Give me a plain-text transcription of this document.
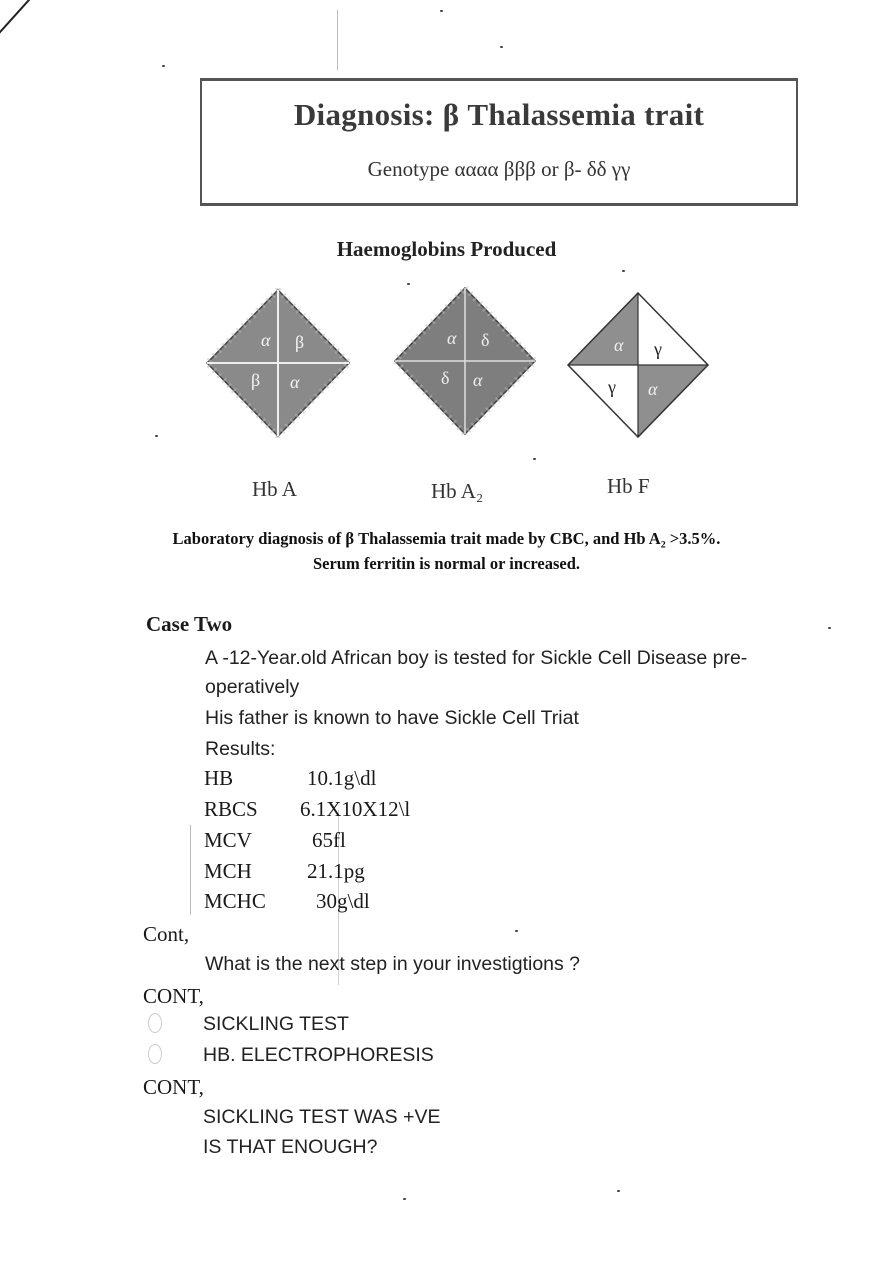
Diagnosis: β Thalassemia trait
Genotype αααα βββ or β- δδ γγ
Haemoglobins Produced
α β
β α
α δ
δ α
α γ
γ α
Hb A	Hb A₂	Hb F
Laboratory diagnosis of β Thalassemia trait made by CBC, and Hb A₂ >3.5%.
Serum ferritin is normal or increased.
Case Two
A -12-Year.old African boy is tested for Sickle Cell Disease pre-
operatively
His father is known to have Sickle Cell Triat
Results:
HB	10.1g\dl
RBCS 6.1X10X12\l
MCV	65fl
MCH	21.1pg
MCHC 30g\dl
Cont,
What is the next step in your investigtions ?
CONT,
SICKLING TEST
HB. ELECTROPHORESIS
CONT,
SICKLING TEST WAS +VE
IS THAT ENOUGH?
